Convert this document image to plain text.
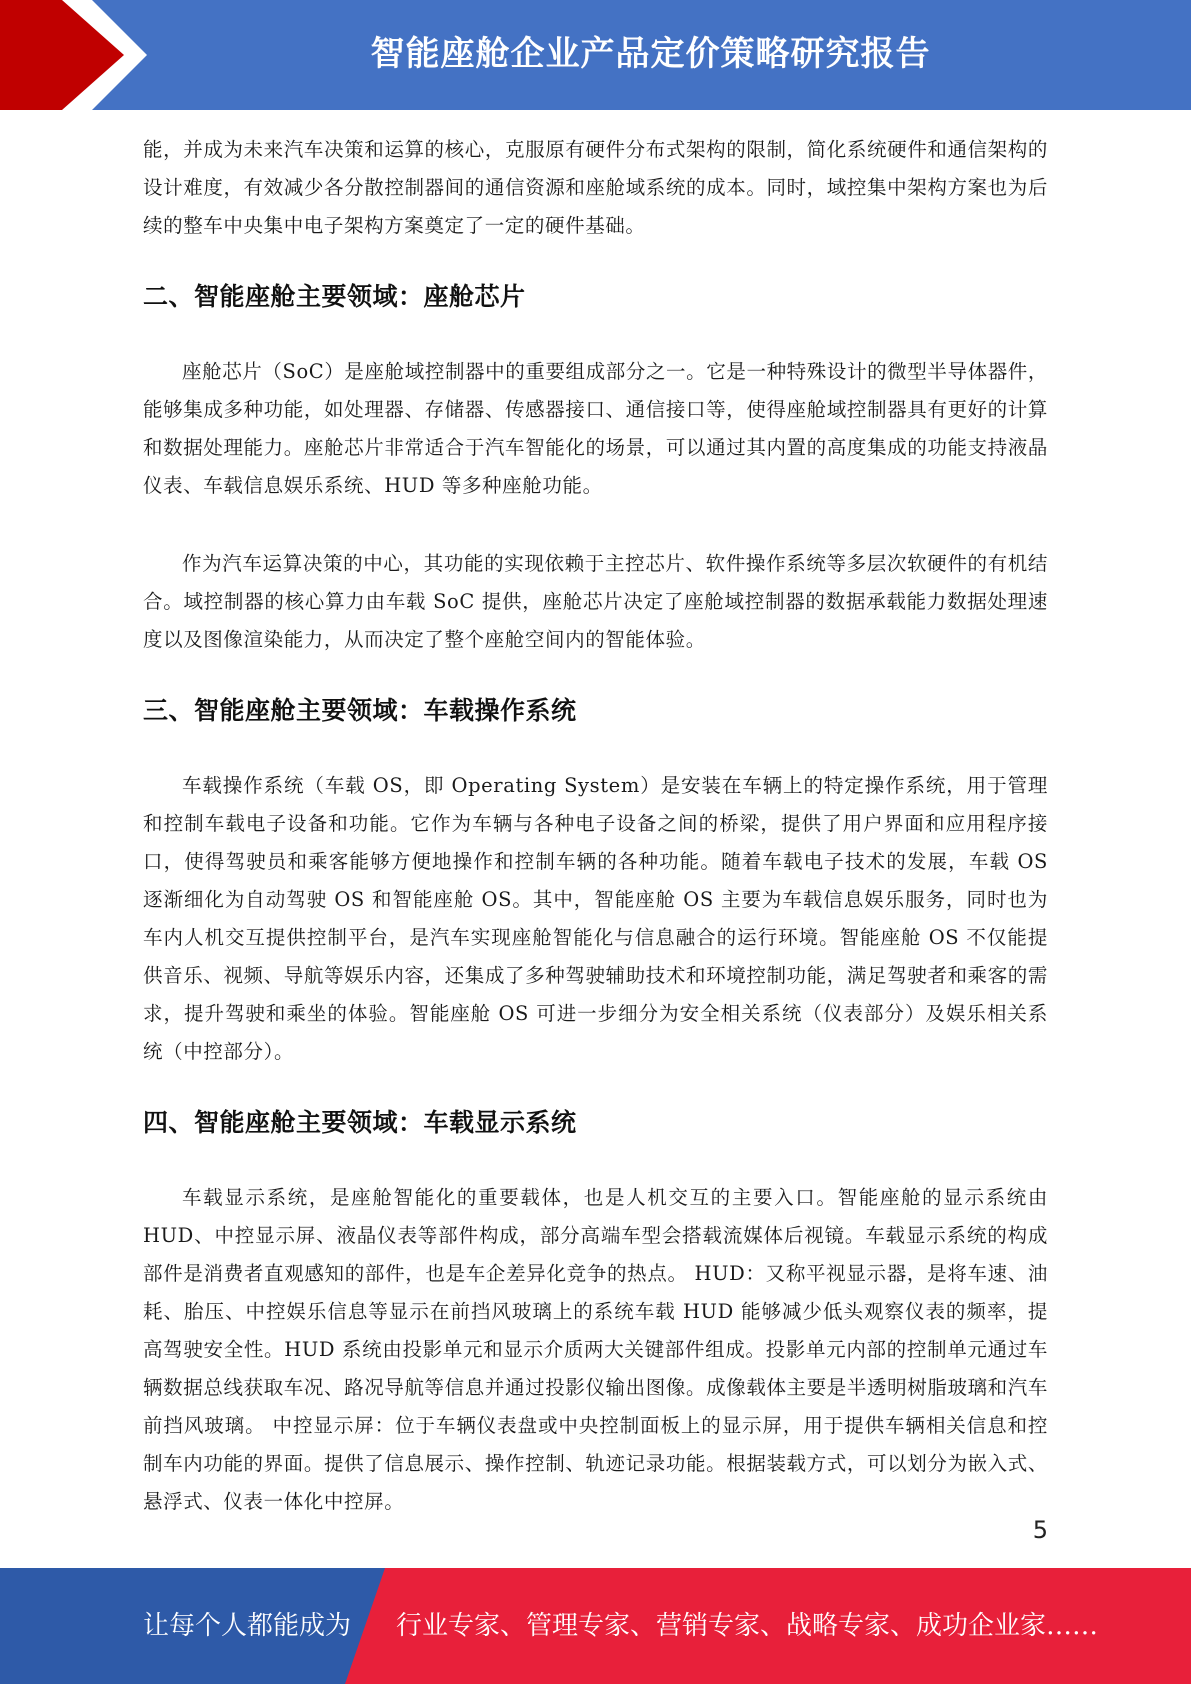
智能座舱企业产品定价策略研究报告

能，并成为未来汽车决策和运算的核心，克服原有硬件分布式架构的限制，简化系统硬件和通信架构的设计难度，有效减少各分散控制器间的通信资源和座舱域系统的成本。同时，域控集中架构方案也为后续的整车中央集中电子架构方案奠定了一定的硬件基础。

二、智能座舱主要领域：座舱芯片

座舱芯片（SoC）是座舱域控制器中的重要组成部分之一。它是一种特殊设计的微型半导体器件，能够集成多种功能，如处理器、存储器、传感器接口、通信接口等，使得座舱域控制器具有更好的计算和数据处理能力。座舱芯片非常适合于汽车智能化的场景，可以通过其内置的高度集成的功能支持液晶仪表、车载信息娱乐系统、HUD 等多种座舱功能。

作为汽车运算决策的中心，其功能的实现依赖于主控芯片、软件操作系统等多层次软硬件的有机结合。域控制器的核心算力由车载 SoC 提供，座舱芯片决定了座舱域控制器的数据承载能力数据处理速度以及图像渲染能力，从而决定了整个座舱空间内的智能体验。

三、智能座舱主要领域：车载操作系统

车载操作系统（车载 OS，即 Operating System）是安装在车辆上的特定操作系统，用于管理和控制车载电子设备和功能。它作为车辆与各种电子设备之间的桥梁，提供了用户界面和应用程序接口，使得驾驶员和乘客能够方便地操作和控制车辆的各种功能。随着车载电子技术的发展，车载 OS 逐渐细化为自动驾驶 OS 和智能座舱 OS。其中，智能座舱 OS 主要为车载信息娱乐服务，同时也为车内人机交互提供控制平台，是汽车实现座舱智能化与信息融合的运行环境。智能座舱 OS 不仅能提供音乐、视频、导航等娱乐内容，还集成了多种驾驶辅助技术和环境控制功能，满足驾驶者和乘客的需求，提升驾驶和乘坐的体验。智能座舱 OS 可进一步细分为安全相关系统（仪表部分）及娱乐相关系统（中控部分）。

四、智能座舱主要领域：车载显示系统

车载显示系统，是座舱智能化的重要载体，也是人机交互的主要入口。智能座舱的显示系统由 HUD、中控显示屏、液晶仪表等部件构成，部分高端车型会搭载流媒体后视镜。车载显示系统的构成部件是消费者直观感知的部件，也是车企差异化竞争的热点。 HUD：又称平视显示器，是将车速、油耗、胎压、中控娱乐信息等显示在前挡风玻璃上的系统车载 HUD 能够减少低头观察仪表的频率，提高驾驶安全性。HUD 系统由投影单元和显示介质两大关键部件组成。投影单元内部的控制单元通过车辆数据总线获取车况、路况导航等信息并通过投影仪输出图像。成像载体主要是半透明树脂玻璃和汽车前挡风玻璃。 中控显示屏：位于车辆仪表盘或中央控制面板上的显示屏，用于提供车辆相关信息和控制车内功能的界面。提供了信息展示、操作控制、轨迹记录功能。根据装载方式，可以划分为嵌入式、悬浮式、仪表一体化中控屏。

5
让每个人都能成为 行业专家、管理专家、营销专家、战略专家、成功企业家……
